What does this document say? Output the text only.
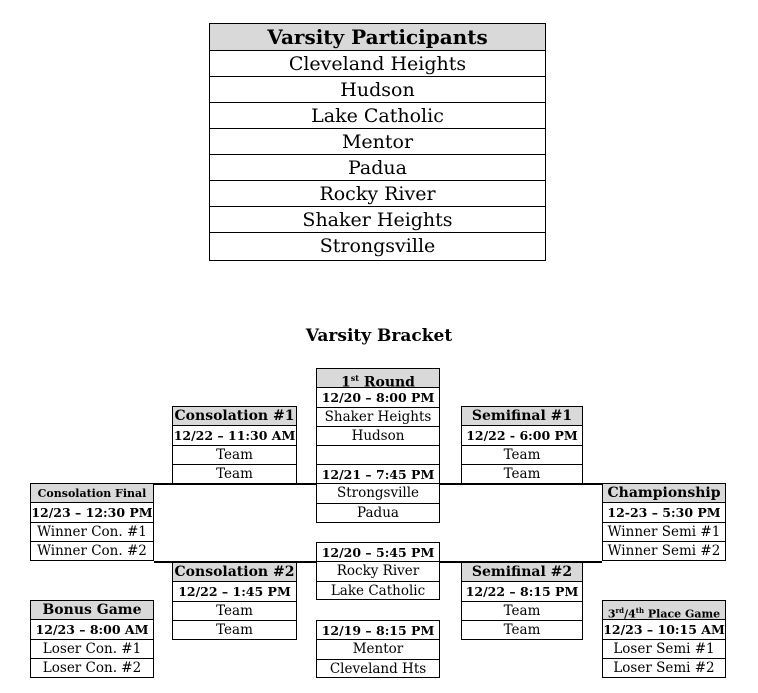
Varsity Participants
Cleveland Heights
Hudson
Lake Catholic
Mentor
Padua
Rocky River
Shaker Heights
Strongsville
Varsity Bracket
1st Round
12/20 – 8:00 PM
Shaker Heights
Hudson
12/21 – 7:45 PM
Strongsville
Padua
Consolation #1
12/22 – 11:30 AM
Team
Team
Semifinal #1
12/22 - 6:00 PM
Team
Team
Consolation Final
12/23 – 12:30 PM
Winner Con. #1
Winner Con. #2
Championship
12-23 – 5:30 PM
Winner Semi #1
Winner Semi #2
12/20 – 5:45 PM
Rocky River
Lake Catholic
Consolation #2
12/22 – 1:45 PM
Team
Team
Semifinal #2
12/22 – 8:15 PM
Team
Team
Bonus Game
12/23 – 8:00 AM
Loser Con. #1
Loser Con. #2
12/19 – 8:15 PM
Mentor
Cleveland Hts
3rd/4th Place Game
12/23 – 10:15 AM
Loser Semi #1
Loser Semi #2
